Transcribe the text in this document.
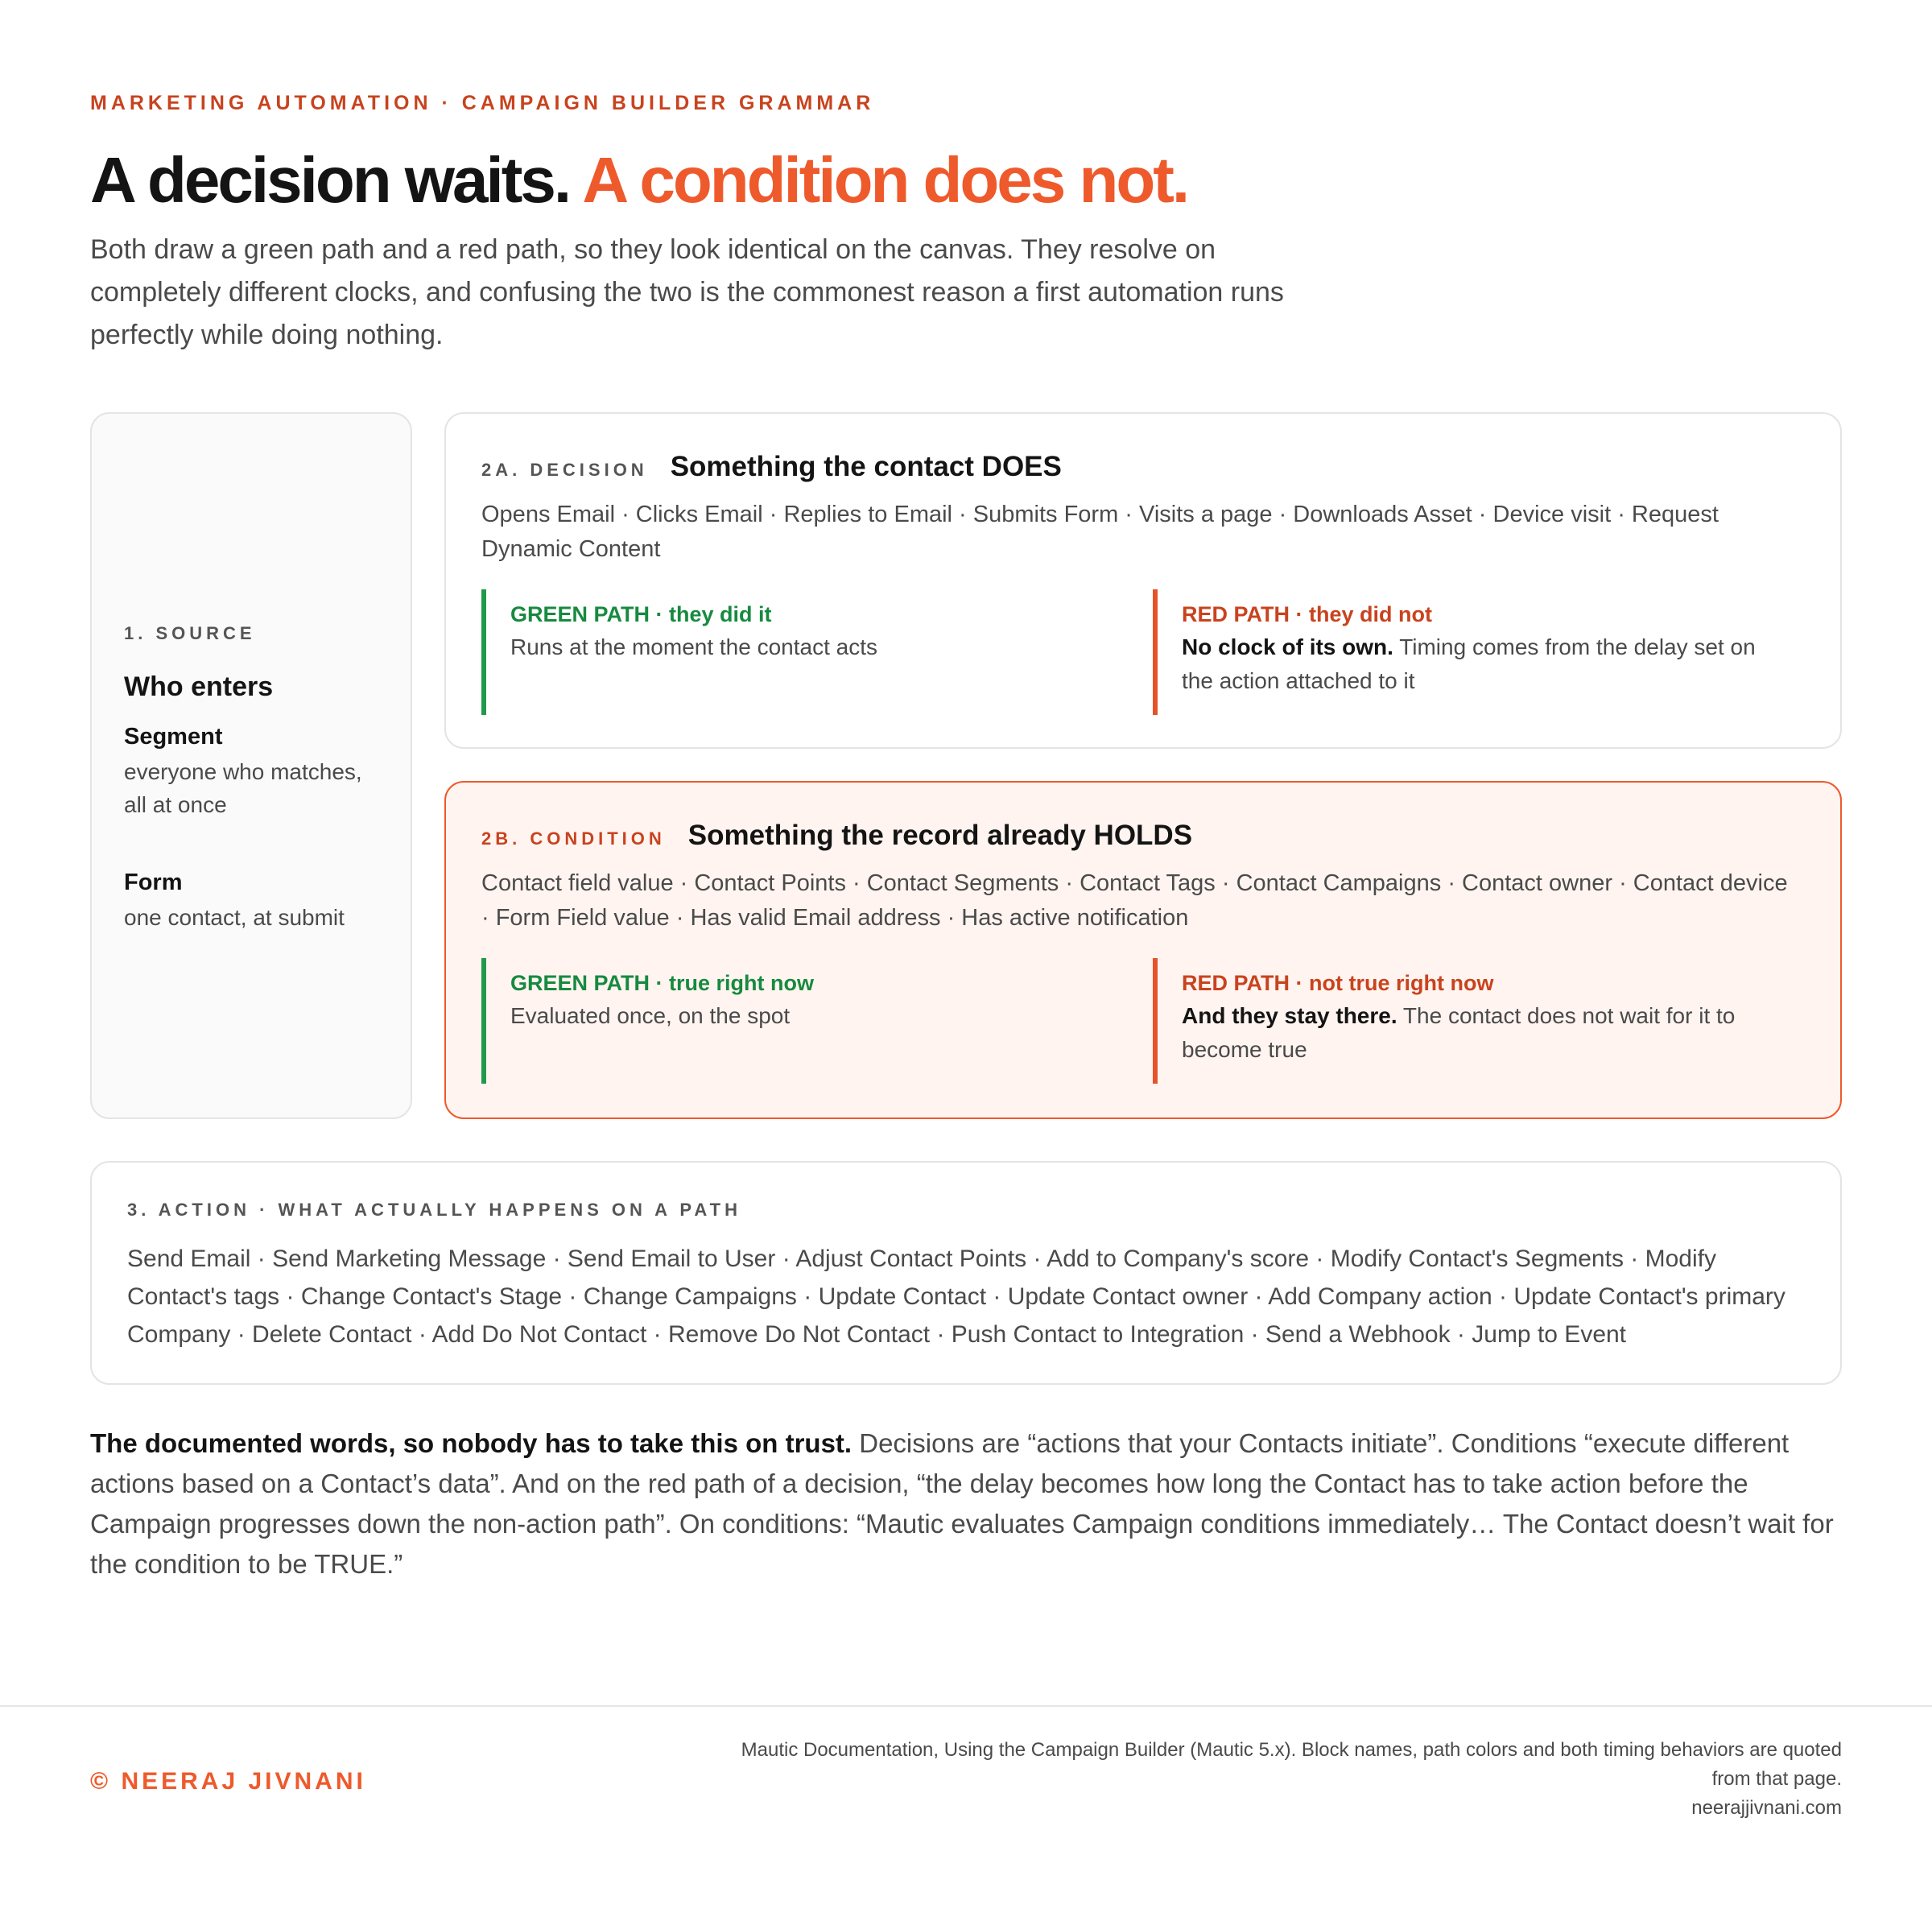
MARKETING AUTOMATION · CAMPAIGN BUILDER GRAMMAR
A decision waits. A condition does not.

Both draw a green path and a red path, so they look identical on the canvas. They resolve on completely different clocks, and confusing the two is the commonest reason a first automation runs perfectly while doing nothing.

1. SOURCE
Who enters
Segment
everyone who matches, all at once
Form
one contact, at submit
2A. DECISION Something the contact DOES

Opens Email · Clicks Email · Replies to Email · Submits Form · Visits a page · Downloads Asset · Device visit · Request Dynamic Content

GREEN PATH · they did it
Runs at the moment the contact acts
RED PATH · they did not
No clock of its own. Timing comes from the delay set on the action attached to it
2B. CONDITION Something the record already HOLDS

Contact field value · Contact Points · Contact Segments · Contact Tags · Contact Campaigns · Contact owner · Contact device · Form Field value · Has valid Email address · Has active notification

GREEN PATH · true right now
Evaluated once, on the spot
RED PATH · not true right now
And they stay there. The contact does not wait for it to become true
3. ACTION · WHAT ACTUALLY HAPPENS ON A PATH

Send Email · Send Marketing Message · Send Email to User · Adjust Contact Points · Add to Company's score · Modify Contact's Segments · Modify Contact's tags · Change Contact's Stage · Change Campaigns · Update Contact · Update Contact owner · Add Company action · Update Contact's primary Company · Delete Contact · Add Do Not Contact · Remove Do Not Contact · Push Contact to Integration · Send a Webhook · Jump to Event

The documented words, so nobody has to take this on trust. Decisions are “actions that your Contacts initiate”. Conditions “execute different actions based on a Contact’s data”. And on the red path of a decision, “the delay becomes how long the Contact has to take action before the Campaign progresses down the non-action path”. On conditions: “Mautic evaluates Campaign conditions immediately… The Contact doesn’t wait for the condition to be TRUE.”

© NEERAJ JIVNANI
Mautic Documentation, Using the Campaign Builder (Mautic 5.x). Block names, path colors and both timing behaviors are quoted from that page.
neerajjivnani.com
